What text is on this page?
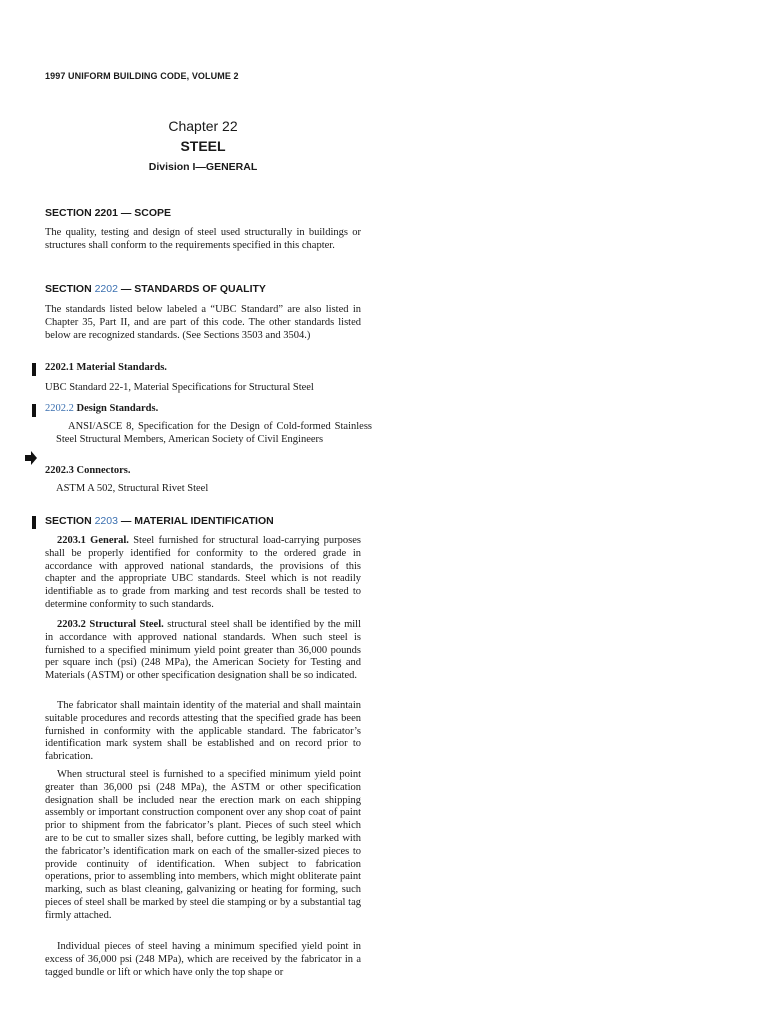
1997 UNIFORM BUILDING CODE, VOLUME 2
Chapter 22
STEEL
Division I—GENERAL
SECTION 2201 — SCOPE
The quality, testing and design of steel used structurally in buildings or structures shall conform to the requirements specified in this chapter.
SECTION 2202 — STANDARDS OF QUALITY
The standards listed below labeled a “UBC Standard” are also listed in Chapter 35, Part II, and are part of this code. The other standards listed below are recognized standards. (See Sections 3503 and 3504.)
2202.1 Material Standards.
UBC Standard 22-1, Material Specifications for Structural Steel
2202.2 Design Standards.
ANSI/ASCE 8, Specification for the Design of Cold-formed Stainless Steel Structural Members, American Society of Civil Engineers
2202.3 Connectors.
ASTM A 502, Structural Rivet Steel
SECTION 2203 — MATERIAL IDENTIFICATION
2203.1 General. Steel furnished for structural load-carrying purposes shall be properly identified for conformity to the ordered grade in accordance with approved national standards, the provisions of this chapter and the appropriate UBC standards. Steel which is not readily identifiable as to grade from marking and test records shall be tested to determine conformity to such standards.
2203.2 Structural Steel. structural steel shall be identified by the mill in accordance with approved national standards. When such steel is furnished to a specified minimum yield point greater than 36,000 pounds per square inch (psi) (248 MPa), the American Society for Testing and Materials (ASTM) or other specification designation shall be so indicated.
The fabricator shall maintain identity of the material and shall maintain suitable procedures and records attesting that the specified grade has been furnished in conformity with the applicable standard. The fabricator’s identification mark system shall be established and on record prior to fabrication.
When structural steel is furnished to a specified minimum yield point greater than 36,000 psi (248 MPa), the ASTM or other specification designation shall be included near the erection mark on each shipping assembly or important construction component over any shop coat of paint prior to shipment from the fabricator’s plant. Pieces of such steel which are to be cut to smaller sizes shall, before cutting, be legibly marked with the fabricator’s identification mark on each of the smaller-sized pieces to provide continuity of identification. When subject to fabrication operations, prior to assembling into members, which might obliterate paint marking, such as blast cleaning, galvanizing or heating for forming, such pieces of steel shall be marked by steel die stamping or by a substantial tag firmly attached.
Individual pieces of steel having a minimum specified yield point in excess of 36,000 psi (248 MPa), which are received by the fabricator in a tagged bundle or lift or which have only the top shape or
